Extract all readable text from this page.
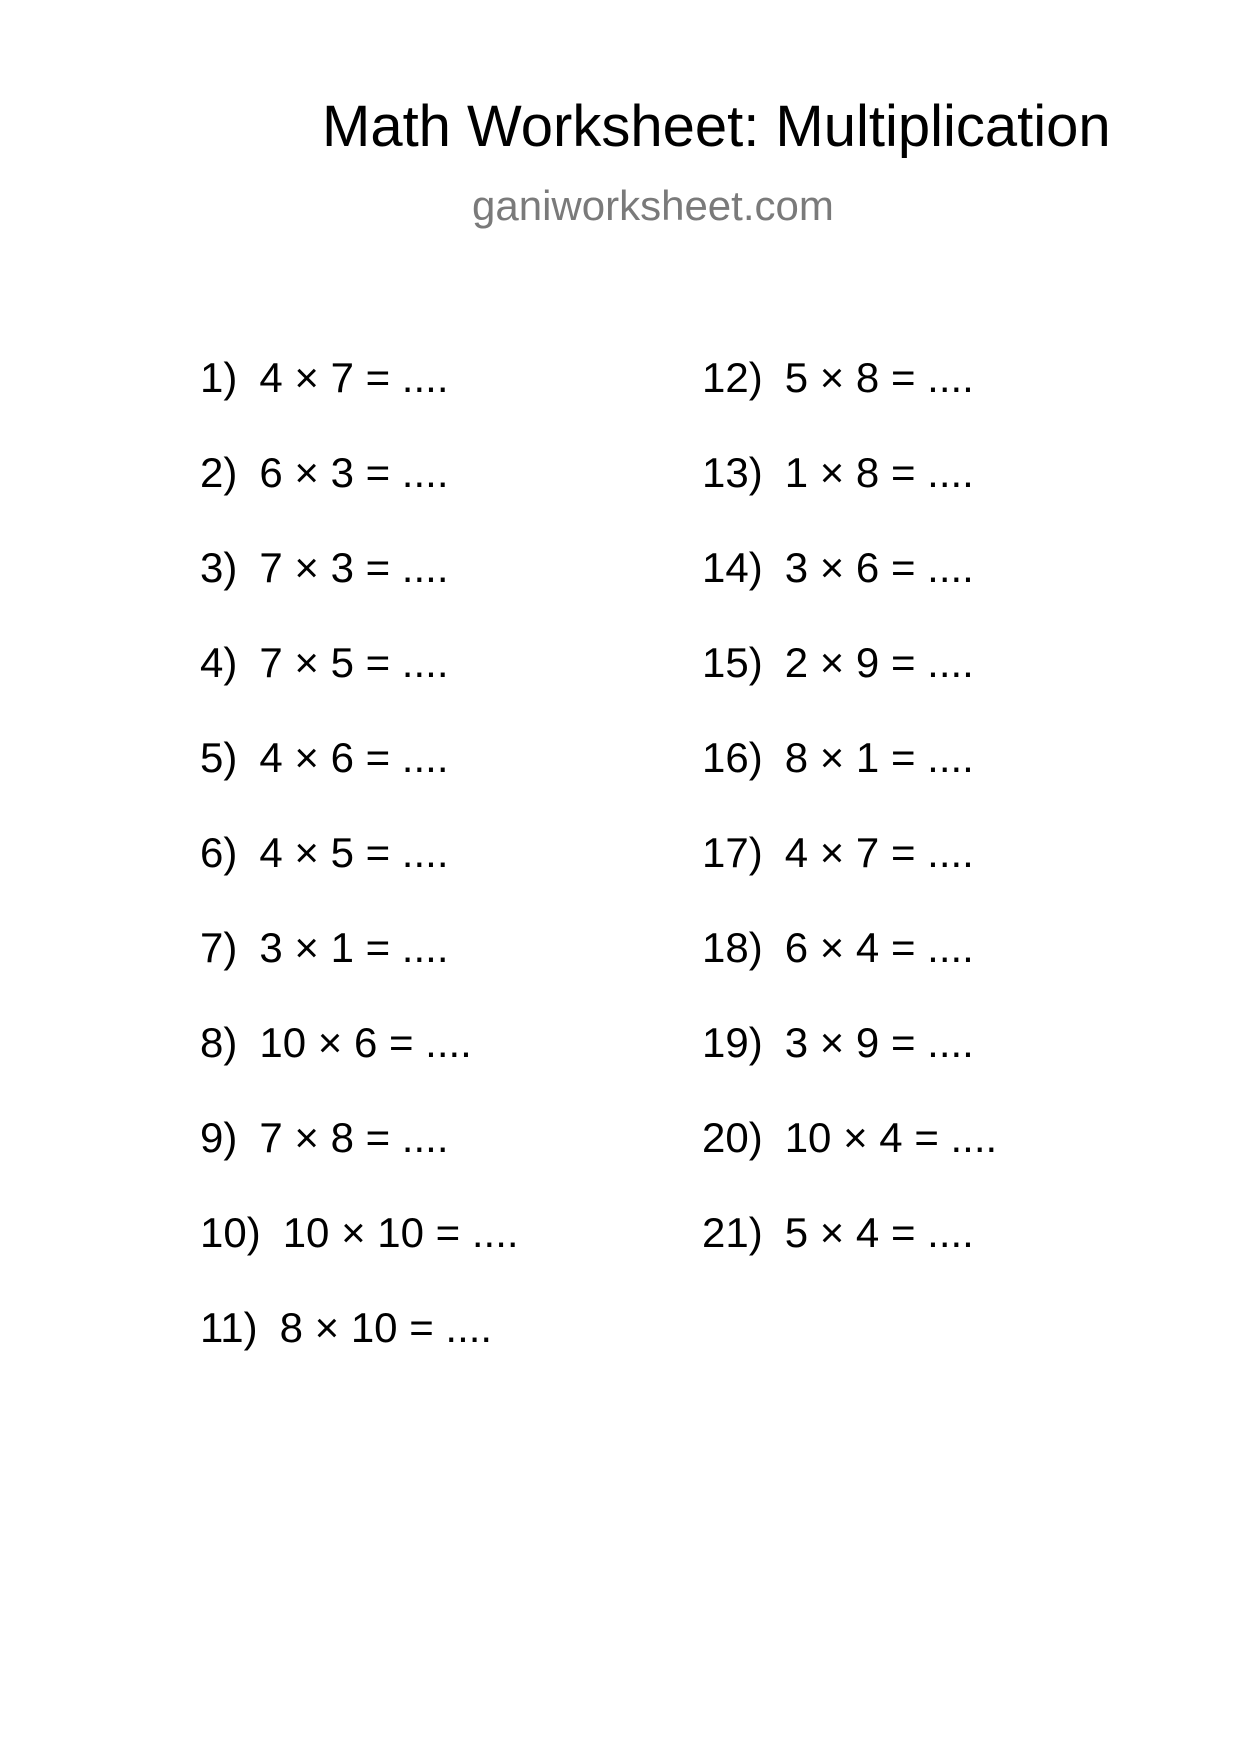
Math Worksheet: Multiplication
ganiworksheet.com
1) 4 × 7 = ....
2) 6 × 3 = ....
3) 7 × 3 = ....
4) 7 × 5 = ....
5) 4 × 6 = ....
6) 4 × 5 = ....
7) 3 × 1 = ....
8) 10 × 6 = ....
9) 7 × 8 = ....
10) 10 × 10 = ....
11) 8 × 10 = ....
12) 5 × 8 = ....
13) 1 × 8 = ....
14) 3 × 6 = ....
15) 2 × 9 = ....
16) 8 × 1 = ....
17) 4 × 7 = ....
18) 6 × 4 = ....
19) 3 × 9 = ....
20) 10 × 4 = ....
21) 5 × 4 = ....
